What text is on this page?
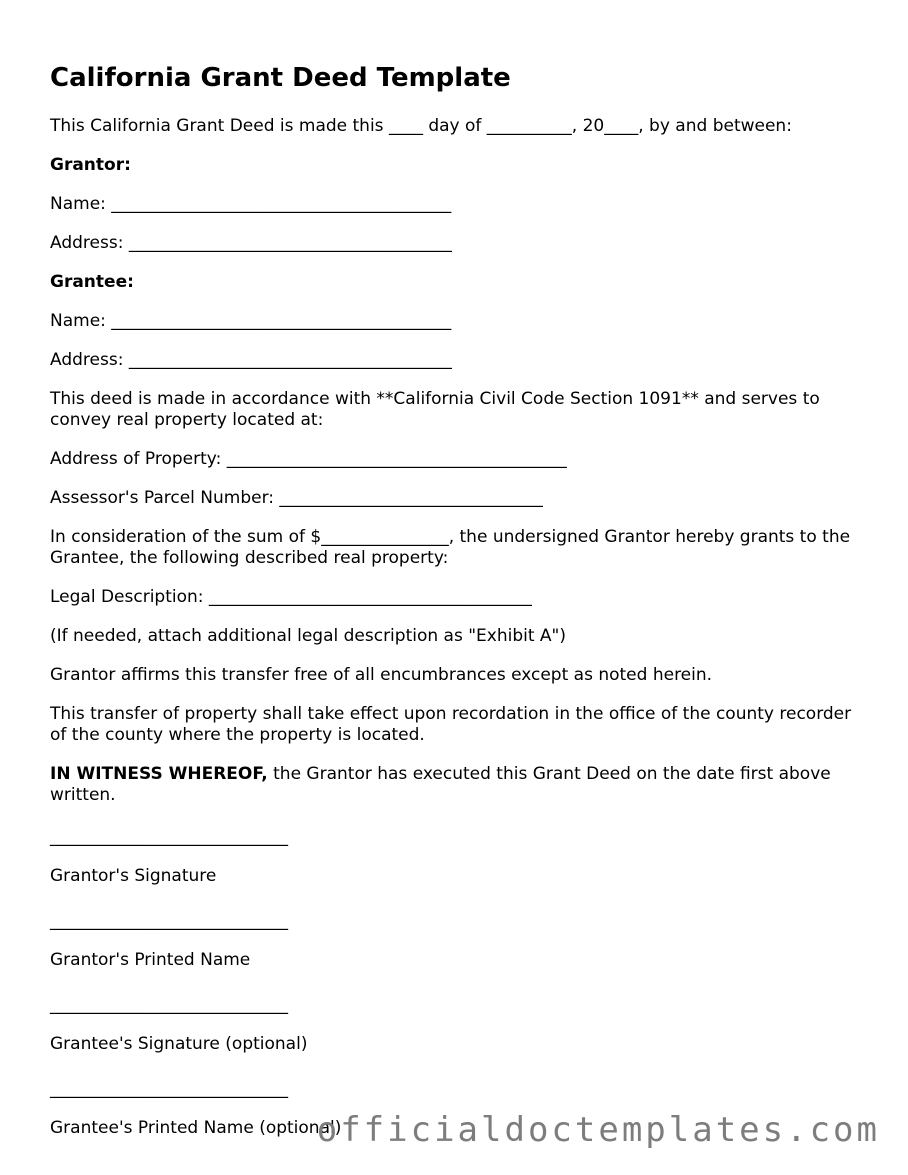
California Grant Deed Template

This California Grant Deed is made this ____ day of __________, 20____, by and between:

Grantor:

Name: ________________________________________

Address: ______________________________________

Grantee:

Name: ________________________________________

Address: ______________________________________

This deed is made in accordance with **California Civil Code Section 1091** and serves to convey real property located at:

Address of Property: ________________________________________

Assessor's Parcel Number: _______________________________

In consideration of the sum of $_______________, the undersigned Grantor hereby grants to the Grantee, the following described real property:

Legal Description: ______________________________________

(If needed, attach additional legal description as "Exhibit A")

Grantor affirms this transfer free of all encumbrances except as noted herein.

This transfer of property shall take effect upon recordation in the office of the county recorder of the county where the property is located.

IN WITNESS WHEREOF, the Grantor has executed this Grant Deed on the date first above written.

____________________________

Grantor's Signature

____________________________

Grantor's Printed Name

____________________________

Grantee's Signature (optional)

____________________________

Grantee's Printed Name (optional)

officialdoctemplates.com
